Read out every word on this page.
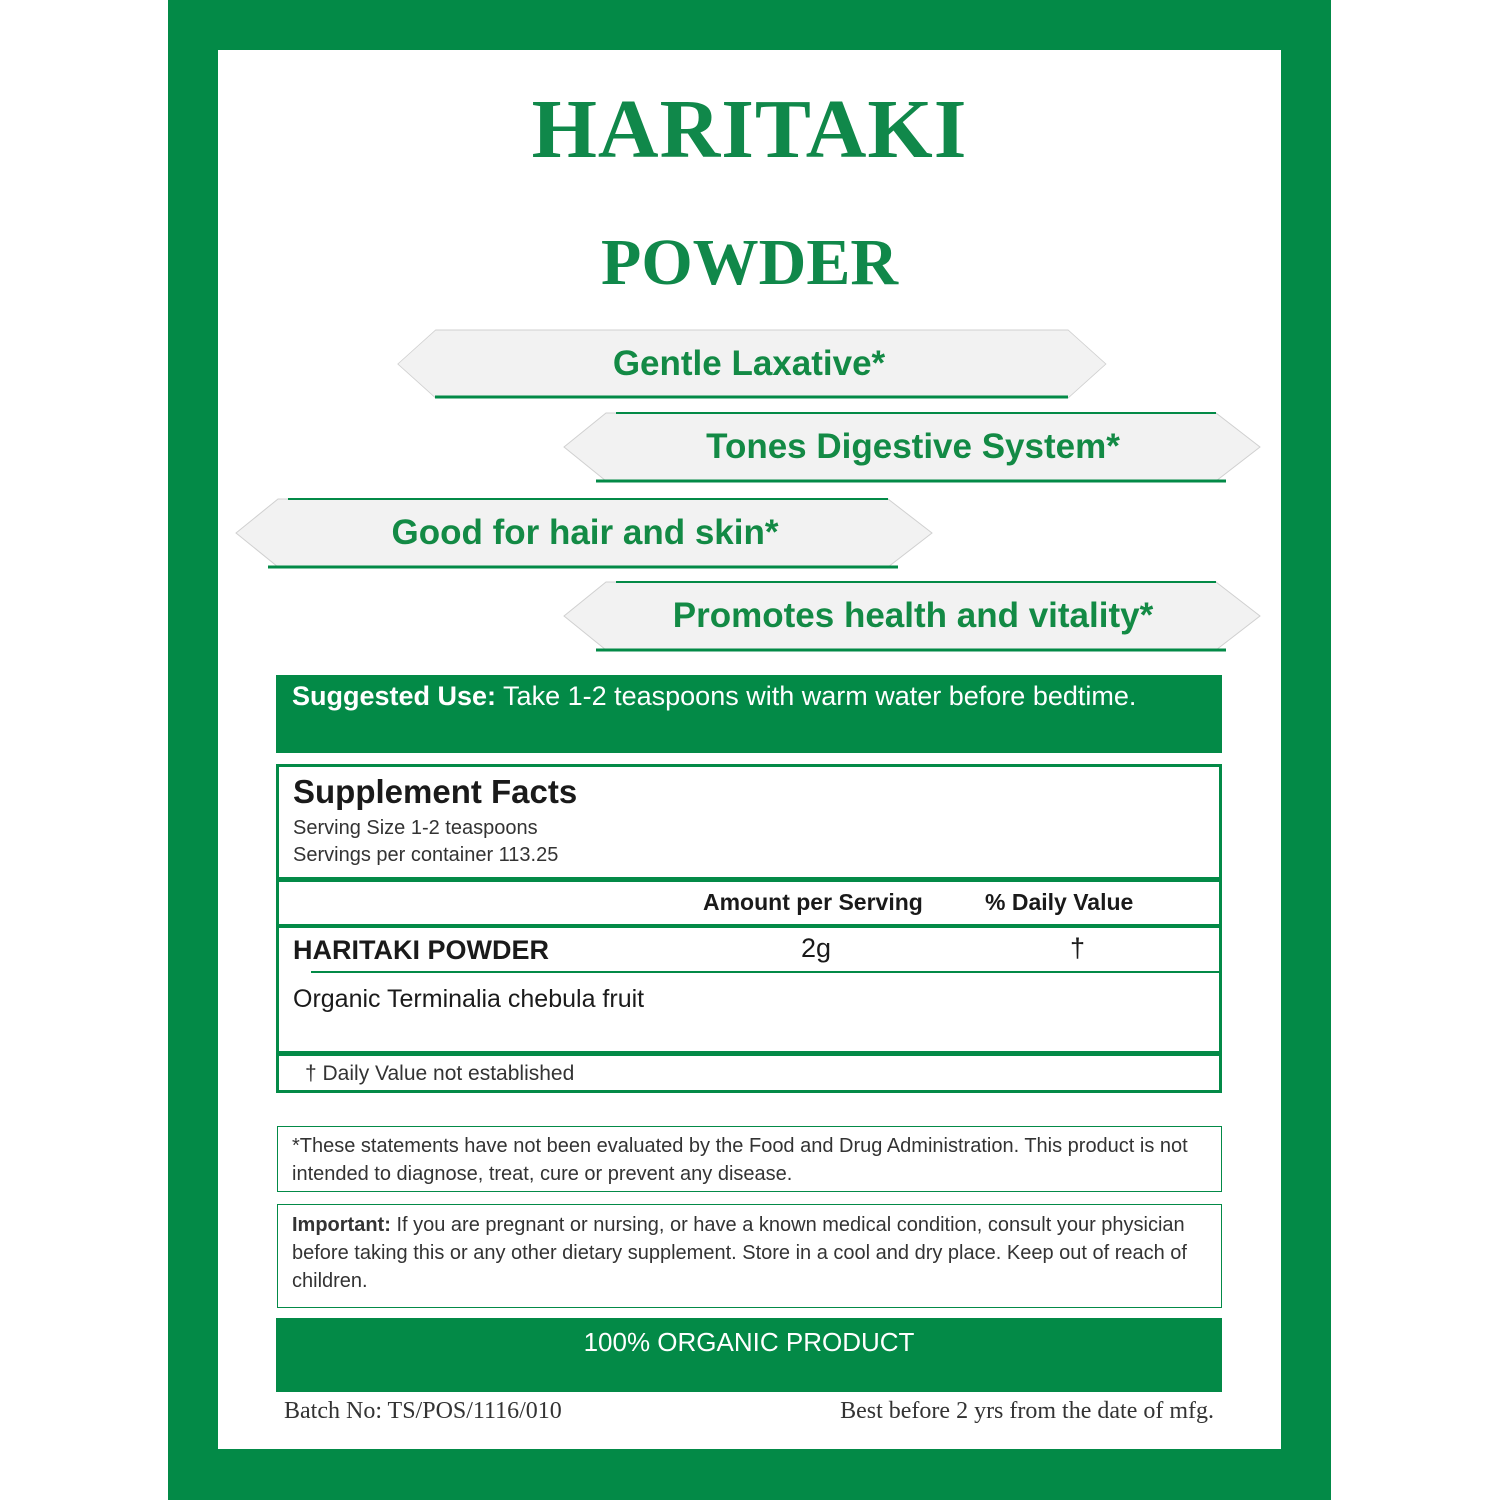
HARITAKI
POWDER
Gentle Laxative*
Tones Digestive System*
Good for hair and skin*
Promotes health and vitality*
Suggested Use: Take 1-2 teaspoons with warm water before bedtime.
Supplement Facts
Serving Size 1-2 teaspoons
Servings per container 113.25
Amount per Serving	% Daily Value
HARITAKI POWDER	2g	†
Organic Terminalia chebula fruit
† Daily Value not established
*These statements have not been evaluated by the Food and Drug Administration. This product is not intended to diagnose, treat, cure or prevent any disease.
Important: If you are pregnant or nursing, or have a known medical condition, consult your physician before taking this or any other dietary supplement. Store in a cool and dry place. Keep out of reach of children.
100% ORGANIC PRODUCT
Batch No: TS/POS/1116/010	Best before 2 yrs from the date of mfg.
